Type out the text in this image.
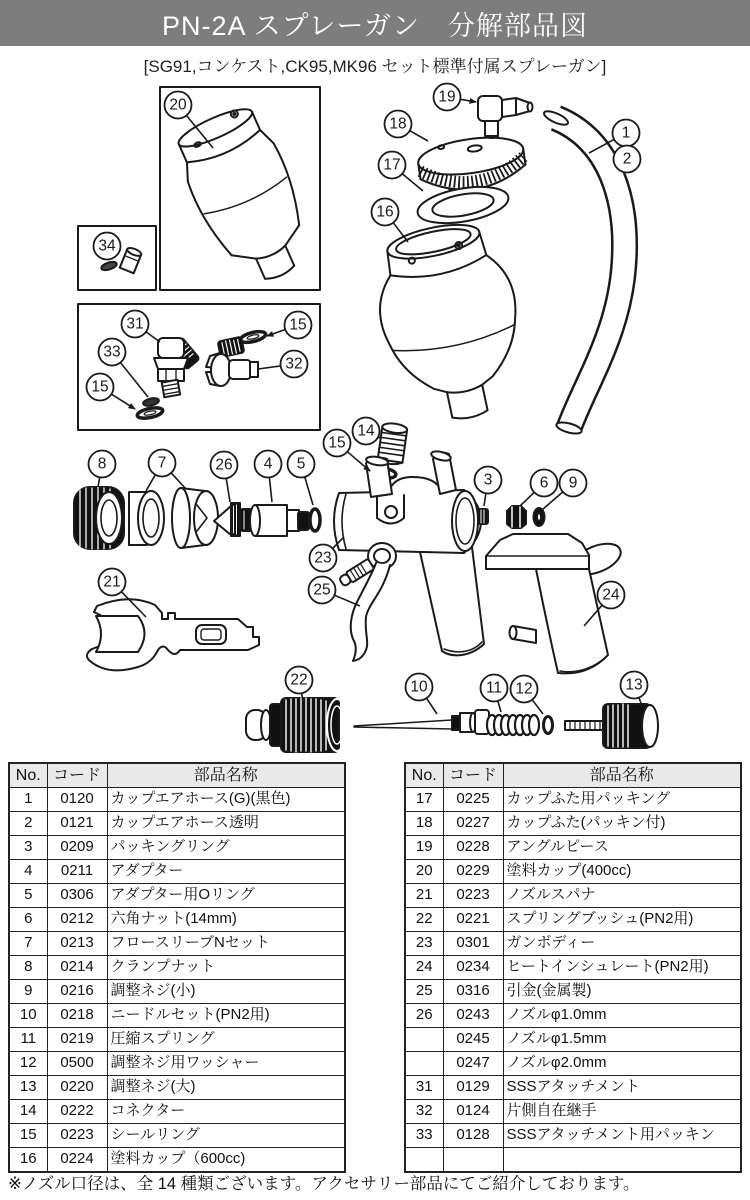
PN-2A スプレーガン　分解部品図
[SG91,コンケスト,CK95,MK96 セット標準付属スプレーガン]
20
34
31
33
15
15
32
19
18
17
16
1
2
14
15
8	7	26 4 5
3	6 9
23
25
21
24
22	10	11 12	13
No.	コード	部品名称
1	0120	カップエアホース(G)(黒色)
2	0121	カップエアホース透明
3	0209	パッキングリング
4	0211	アダプター
5	0306	アダプター用Oリング
6	0212	六角ナット(14mm)
7	0213	フロースリーブNセット
8	0214	クランプナット
9	0216	調整ネジ(小)
10	0218	ニードルセット(PN2用)
11	0219	圧縮スプリング
12	0500	調整ネジ用ワッシャー
13	0220	調整ネジ(大)
14	0222	コネクター
15	0223	シールリング
16	0224	塗料カップ（600cc)
No.	コード	部品名称
17	0225	カップふた用パッキング
18	0227	カップふた(パッキン付)
19	0228	アングルピース
20	0229	塗料カップ(400cc)
21	0223	ノズルスパナ
22	0221	スプリングブッシュ(PN2用)
23	0301	ガンボディー
24	0234	ヒートインシュレート(PN2用)
25	0316	引金(金属製)
26	0243	ノズルφ1.0mm
	0245	ノズルφ1.5mm
	0247	ノズルφ2.0mm
31	0129	SSSアタッチメント
32	0124	片側自在継手
33	0128	SSSアタッチメント用パッキン

※ノズル口径は、全 14 種類ございます。アクセサリー部品にてご紹介しております。
